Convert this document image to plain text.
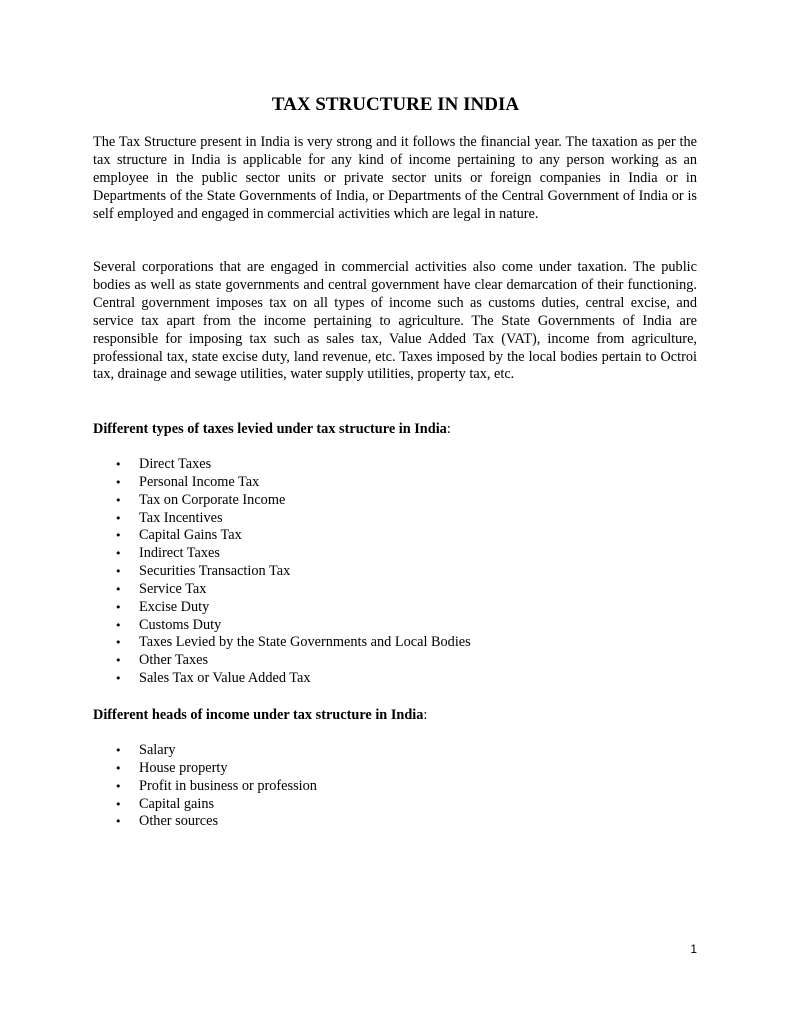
TAX STRUCTURE IN INDIA

The Tax Structure present in India is very strong and it follows the financial year. The taxation as per the tax structure in India is applicable for any kind of income pertaining to any person working as an employee in the public sector units or private sector units or foreign companies in India or in Departments of the State Governments of India, or Departments of the Central Government of India or is self employed and engaged in commercial activities which are legal in nature.

Several corporations that are engaged in commercial activities also come under taxation. The public bodies as well as state governments and central government have clear demarcation of their functioning. Central government imposes tax on all types of income such as customs duties, central excise, and service tax apart from the income pertaining to agriculture. The State Governments of India are responsible for imposing tax such as sales tax, Value Added Tax (VAT), income from agriculture, professional tax, state excise duty, land revenue, etc. Taxes imposed by the local bodies pertain to Octroi tax, drainage and sewage utilities, water supply utilities, property tax, etc.

Different types of taxes levied under tax structure in India:

• Direct Taxes
• Personal Income Tax
• Tax on Corporate Income
• Tax Incentives
• Capital Gains Tax
• Indirect Taxes
• Securities Transaction Tax
• Service Tax
• Excise Duty
• Customs Duty
• Taxes Levied by the State Governments and Local Bodies
• Other Taxes
• Sales Tax or Value Added Tax

Different heads of income under tax structure in India:

• Salary
• House property
• Profit in business or profession
• Capital gains
• Other sources
1
